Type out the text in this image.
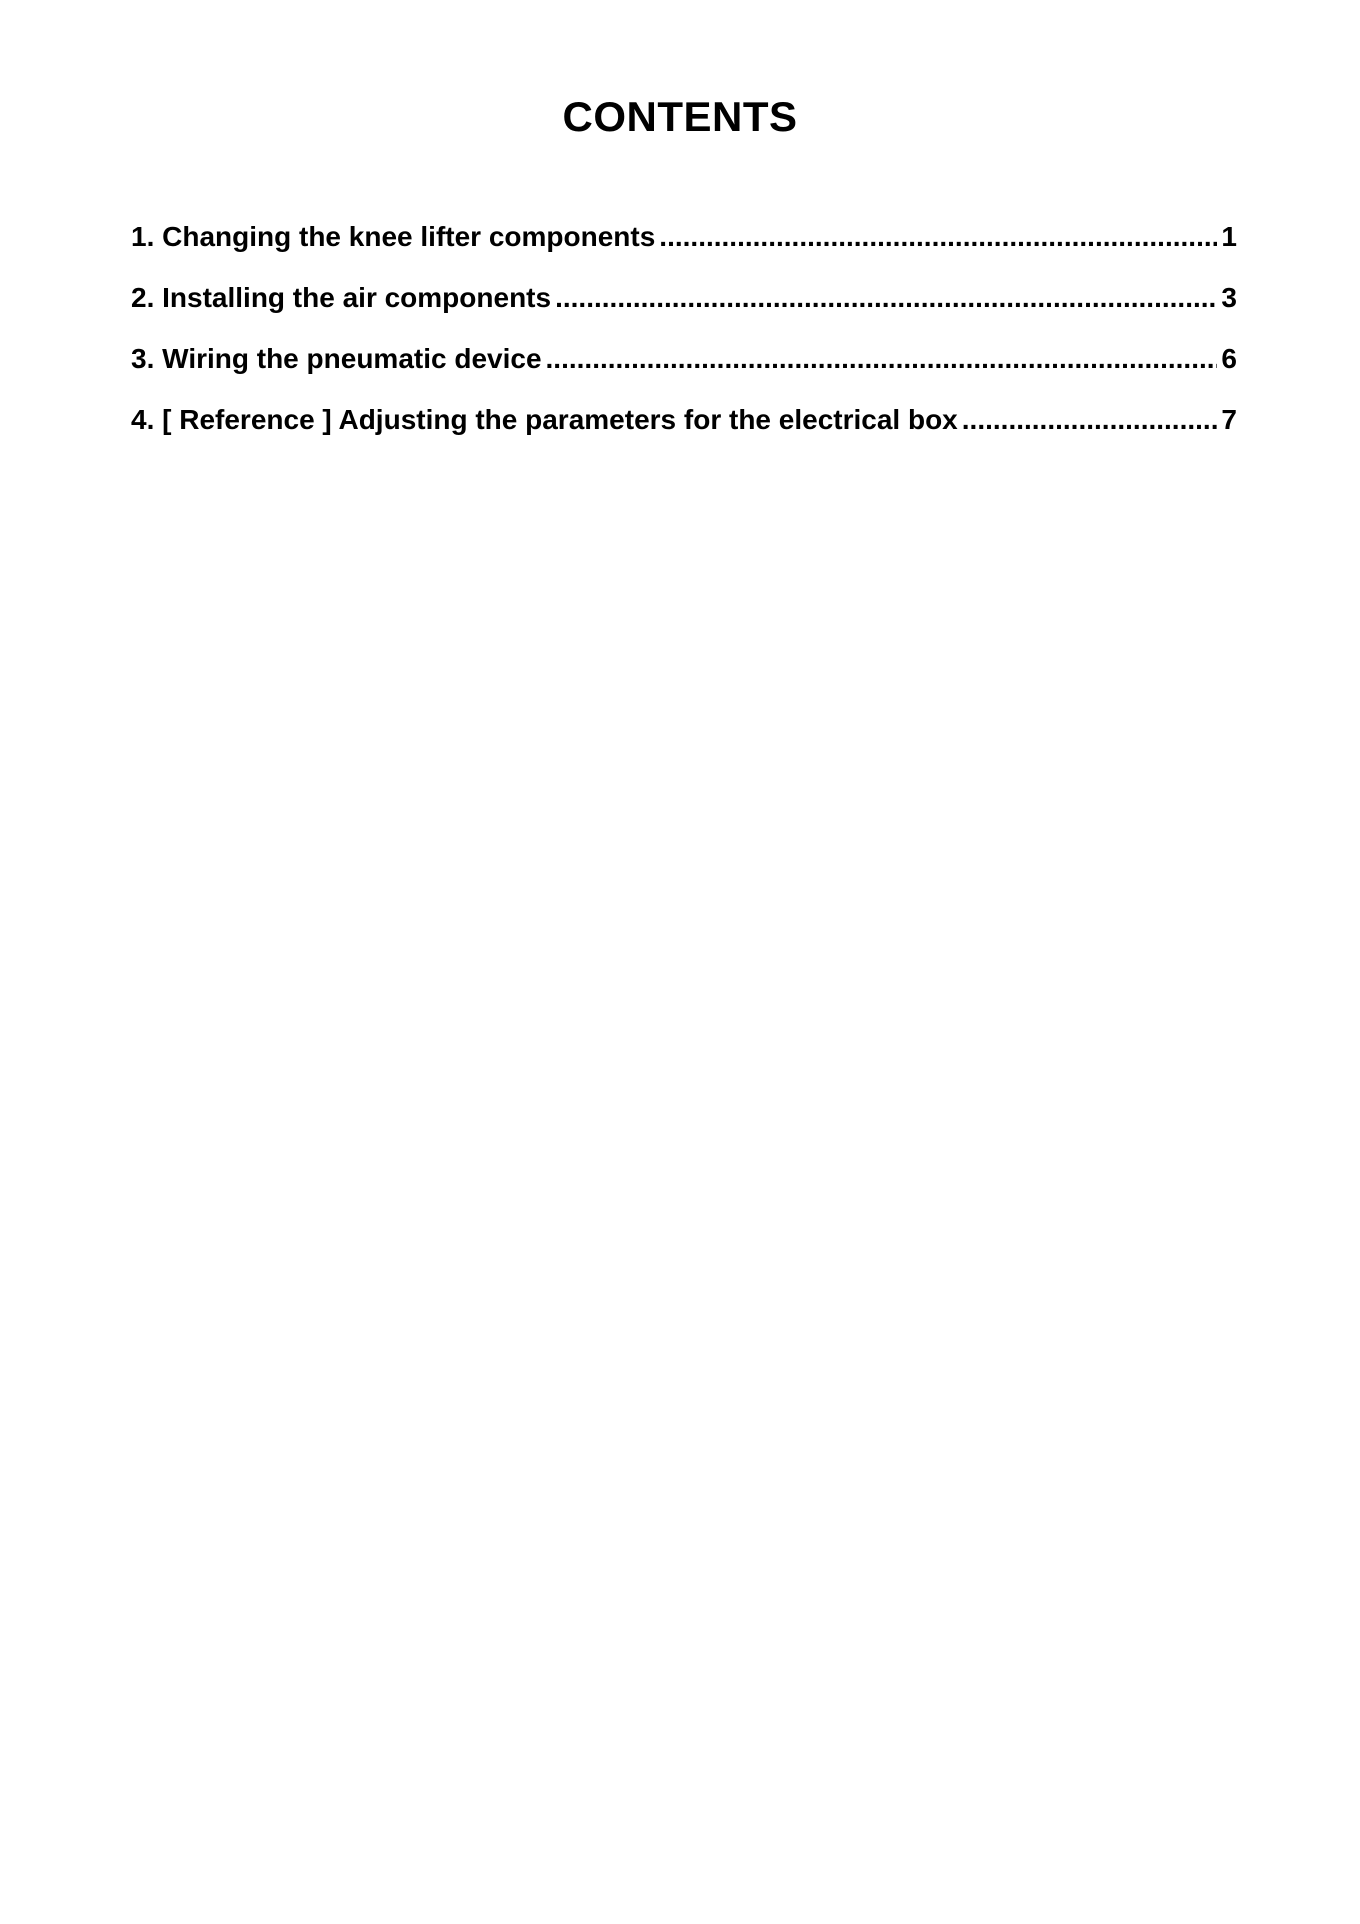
CONTENTS
1. Changing the knee lifter components .....	1
2. Installing the air components .....	3
3. Wiring the pneumatic device .....	6
4. [ Reference ] Adjusting the parameters for the electrical box .....	7
